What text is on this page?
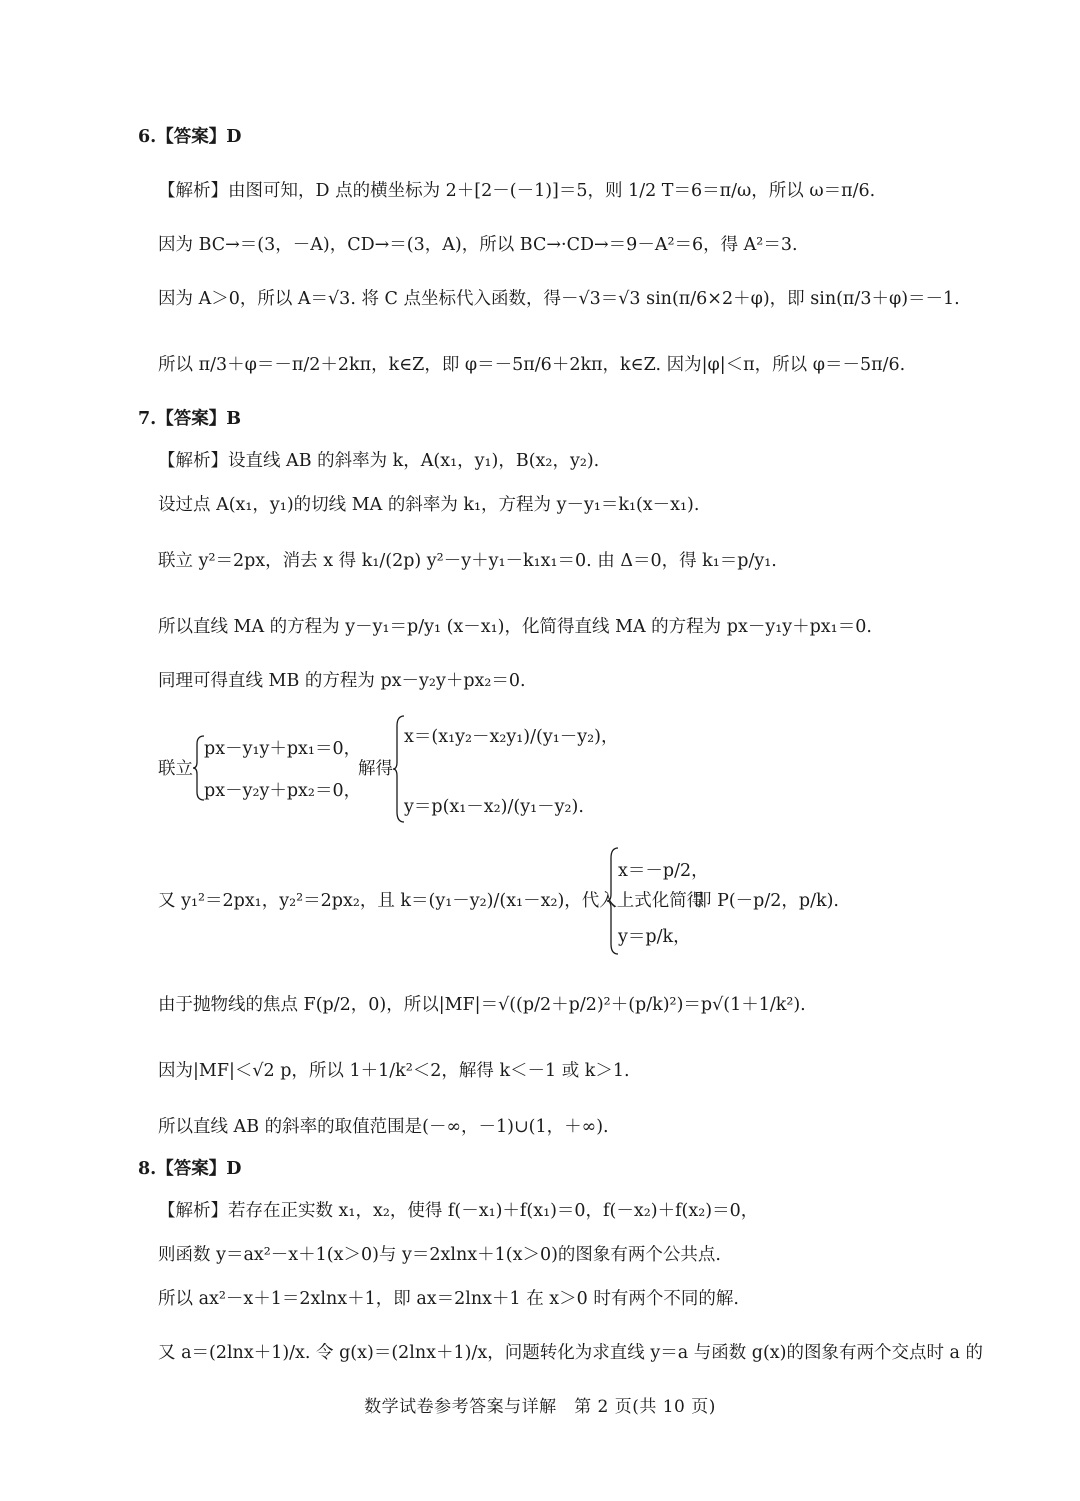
6.【答案】D
【解析】由图可知，D 点的横坐标为 2＋[2－(－1)]＝5，则 1/2 T＝6＝π/ω，所以 ω＝π/6.
因为 BC→＝(3，－A)，CD→＝(3，A)，所以 BC→·CD→＝9－A²＝6，得 A²＝3.
因为 A＞0，所以 A＝√3. 将 C 点坐标代入函数，得－√3＝√3 sin(π/6×2＋φ)，即 sin(π/3＋φ)＝－1.
所以 π/3＋φ＝－π/2＋2kπ，k∈Z，即 φ＝－5π/6＋2kπ，k∈Z. 因为|φ|＜π，所以 φ＝－5π/6.
7.【答案】B
【解析】设直线 AB 的斜率为 k，A(x₁，y₁)，B(x₂，y₂).
设过点 A(x₁，y₁)的切线 MA 的斜率为 k₁，方程为 y－y₁＝k₁(x－x₁).
联立 y²＝2px，消去 x 得 k₁/(2p) y²－y＋y₁－k₁x₁＝0. 由 Δ＝0，得 k₁＝p/y₁.
所以直线 MA 的方程为 y－y₁＝p/y₁ (x－x₁)，化简得直线 MA 的方程为 px－y₁y＋px₁＝0.
同理可得直线 MB 的方程为 px－y₂y＋px₂＝0.
联立
px－y₁y＋px₁＝0，
px－y₂y＋px₂＝0，
解得
x＝(x₁y₂－x₂y₁)/(y₁－y₂)，
y＝p(x₁－x₂)/(y₁－y₂).
又 y₁²＝2px₁，y₂²＝2px₂，且 k＝(y₁－y₂)/(x₁－x₂)，代入上式化简得
x＝－p/2，
y＝p/k，
即 P(－p/2，p/k).
由于抛物线的焦点 F(p/2，0)，所以|MF|＝√((p/2＋p/2)²＋(p/k)²)＝p√(1＋1/k²).
因为|MF|＜√2 p，所以 1＋1/k²＜2，解得 k＜－1 或 k＞1.
所以直线 AB 的斜率的取值范围是(－∞，－1)∪(1，＋∞).
8.【答案】D
【解析】若存在正实数 x₁，x₂，使得 f(－x₁)＋f(x₁)＝0，f(－x₂)＋f(x₂)＝0，
则函数 y＝ax²－x＋1(x＞0)与 y＝2xlnx＋1(x＞0)的图象有两个公共点.
所以 ax²－x＋1＝2xlnx＋1，即 ax＝2lnx＋1 在 x＞0 时有两个不同的解.
又 a＝(2lnx＋1)/x. 令 g(x)＝(2lnx＋1)/x，问题转化为求直线 y＝a 与函数 g(x)的图象有两个交点时 a 的
数学试卷参考答案与详解　第 2 页(共 10 页)
